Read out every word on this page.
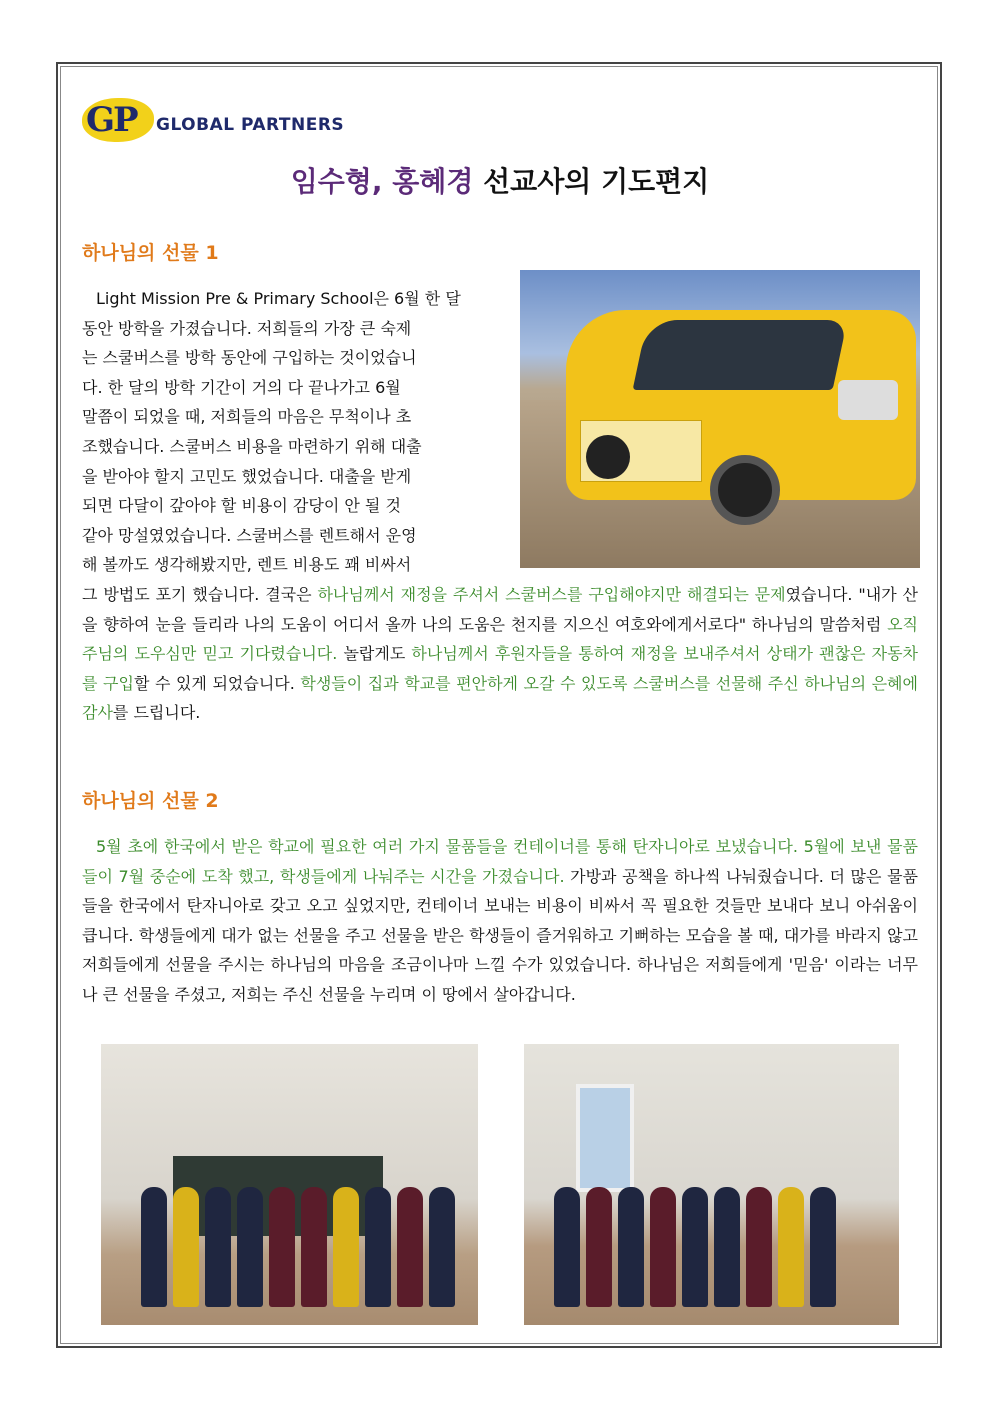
GP GLOBAL PARTNERS
임수형, 홍혜경 선교사의 기도편지
하나님의 선물 1
Light Mission Pre & Primary School은 6월 한 달
동안 방학을 가졌습니다. 저희들의 가장 큰 숙제
는 스쿨버스를 방학 동안에 구입하는 것이었습니
다. 한 달의 방학 기간이 거의 다 끝나가고 6월
말쯤이 되었을 때, 저희들의 마음은 무척이나 초
조했습니다. 스쿨버스 비용을 마련하기 위해 대출
을 받아야 할지 고민도 했었습니다. 대출을 받게
되면 다달이 갚아야 할 비용이 감당이 안 될 것
같아 망설였었습니다. 스쿨버스를 렌트해서 운영
해 볼까도 생각해봤지만, 렌트 비용도 꽤 비싸서
그 방법도 포기 했습니다. 결국은 하나님께서 재정을 주셔서 스쿨버스를 구입해야지만 해결되는 문제였습니다. "내가 산을 향하여 눈을 들리라 나의 도움이 어디서 올까 나의 도움은 천지를 지으신 여호와에게서로다" 하나님의 말씀처럼 오직 주님의 도우심만 믿고 기다렸습니다. 놀랍게도 하나님께서 후원자들을 통하여 재정을 보내주셔서 상태가 괜찮은 자동차를 구입할 수 있게 되었습니다. 학생들이 집과 학교를 편안하게 오갈 수 있도록 스쿨버스를 선물해 주신 하나님의 은혜에 감사를 드립니다.
하나님의 선물 2
5월 초에 한국에서 받은 학교에 필요한 여러 가지 물품들을 컨테이너를 통해 탄자니아로 보냈습니다. 5월에 보낸 물품들이 7월 중순에 도착 했고, 학생들에게 나눠주는 시간을 가졌습니다. 가방과 공책을 하나씩 나눠줬습니다. 더 많은 물품들을 한국에서 탄자니아로 갖고 오고 싶었지만, 컨테이너 보내는 비용이 비싸서 꼭 필요한 것들만 보내다 보니 아쉬움이 큽니다. 학생들에게 대가 없는 선물을 주고 선물을 받은 학생들이 즐거워하고 기뻐하는 모습을 볼 때, 대가를 바라지 않고 저희들에게 선물을 주시는 하나님의 마음을 조금이나마 느낄 수가 있었습니다. 하나님은 저희들에게 '믿음' 이라는 너무나 큰 선물을 주셨고, 저희는 주신 선물을 누리며 이 땅에서 살아갑니다.
